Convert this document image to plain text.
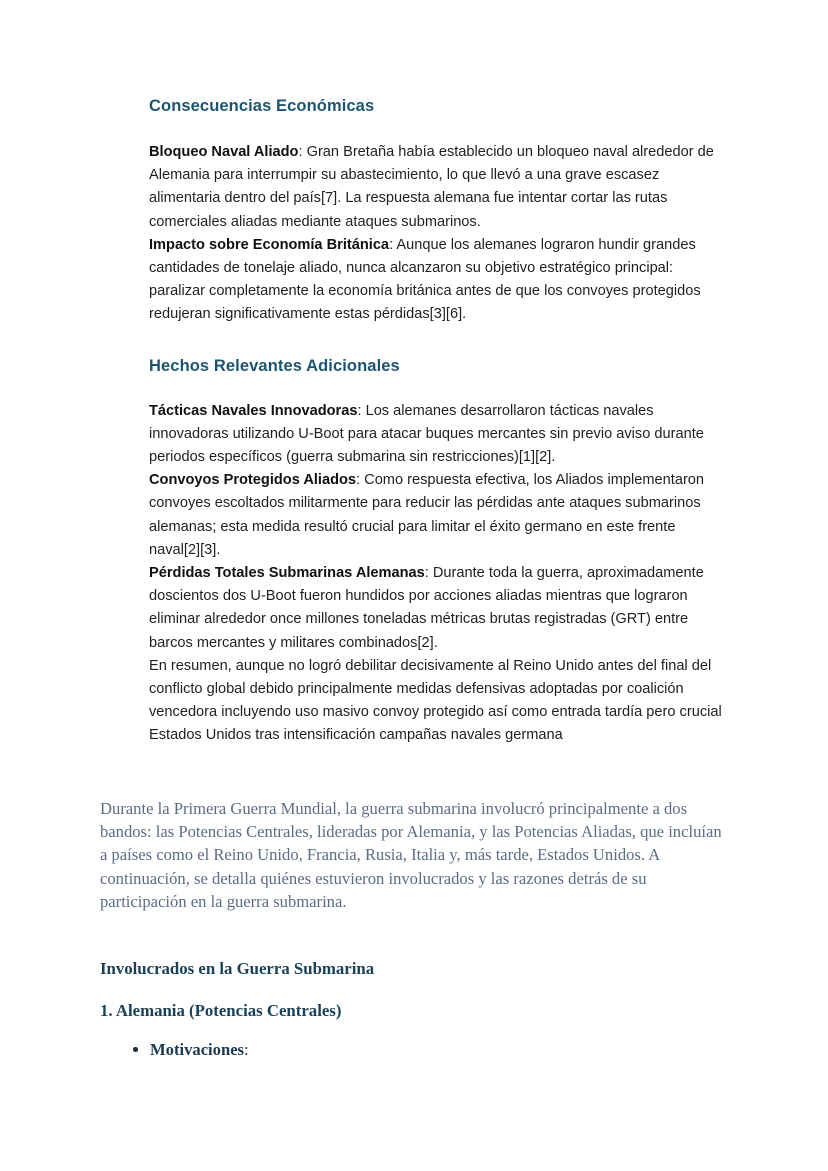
Consecuencias Económicas

Bloqueo Naval Aliado: Gran Bretaña había establecido un bloqueo naval alrededor de Alemania para interrumpir su abastecimiento, lo que llevó a una grave escasez alimentaria dentro del país[7]. La respuesta alemana fue intentar cortar las rutas comerciales aliadas mediante ataques submarinos.

Impacto sobre Economía Británica: Aunque los alemanes lograron hundir grandes cantidades de tonelaje aliado, nunca alcanzaron su objetivo estratégico principal: paralizar completamente la economía británica antes de que los convoyes protegidos redujeran significativamente estas pérdidas[3][6].

Hechos Relevantes Adicionales

Tácticas Navales Innovadoras: Los alemanes desarrollaron tácticas navales innovadoras utilizando U-Boot para atacar buques mercantes sin previo aviso durante periodos específicos (guerra submarina sin restricciones)[1][2].

Convoyos Protegidos Aliados: Como respuesta efectiva, los Aliados implementaron convoyes escoltados militarmente para reducir las pérdidas ante ataques submarinos alemanas; esta medida resultó crucial para limitar el éxito germano en este frente naval[2][3].

Pérdidas Totales Submarinas Alemanas: Durante toda la guerra, aproximadamente doscientos dos U-Boot fueron hundidos por acciones aliadas mientras que lograron eliminar alrededor once millones toneladas métricas brutas registradas (GRT) entre barcos mercantes y militares combinados[2].

En resumen, aunque no logró debilitar decisivamente al Reino Unido antes del final del conflicto global debido principalmente medidas defensivas adoptadas por coalición vencedora incluyendo uso masivo convoy protegido así como entrada tardía pero crucial Estados Unidos tras intensificación campañas navales germana

Durante la Primera Guerra Mundial, la guerra submarina involucró principalmente a dos bandos: las Potencias Centrales, lideradas por Alemania, y las Potencias Aliadas, que incluían a países como el Reino Unido, Francia, Rusia, Italia y, más tarde, Estados Unidos. A continuación, se detalla quiénes estuvieron involucrados y las razones detrás de su participación en la guerra submarina.

Involucrados en la Guerra Submarina
1. Alemania (Potencias Centrales)
Motivaciones:
